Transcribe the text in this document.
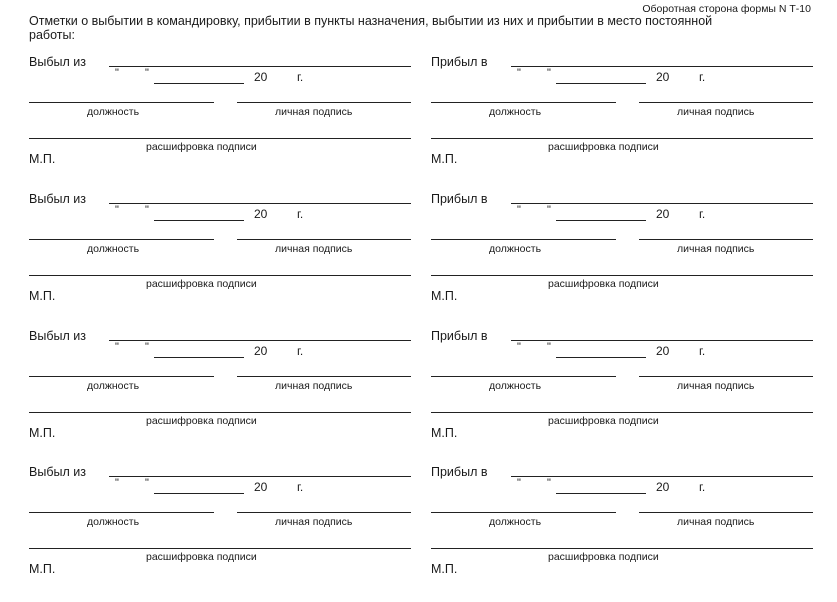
Оборотная сторона формы N Т-10
Отметки о выбытии в командировку, прибытии в пункты назначения, выбытии из них и прибытии в место постоянной работы:
Выбыл из
" "	20 г.
должность	личная подпись
расшифровка подписи
М.П.
Прибыл в
" "	20 г.
должность	личная подпись
расшифровка подписи
М.П.
Выбыл из
" "	20 г.
должность	личная подпись
расшифровка подписи
М.П.
Прибыл в
" "	20 г.
должность	личная подпись
расшифровка подписи
М.П.
Выбыл из
" "	20 г.
должность	личная подпись
расшифровка подписи
М.П.
Прибыл в
" "	20 г.
должность	личная подпись
расшифровка подписи
М.П.
Выбыл из
" "	20 г.
должность	личная подпись
расшифровка подписи
М.П.
Прибыл в
" "	20 г.
должность	личная подпись
расшифровка подписи
М.П.
